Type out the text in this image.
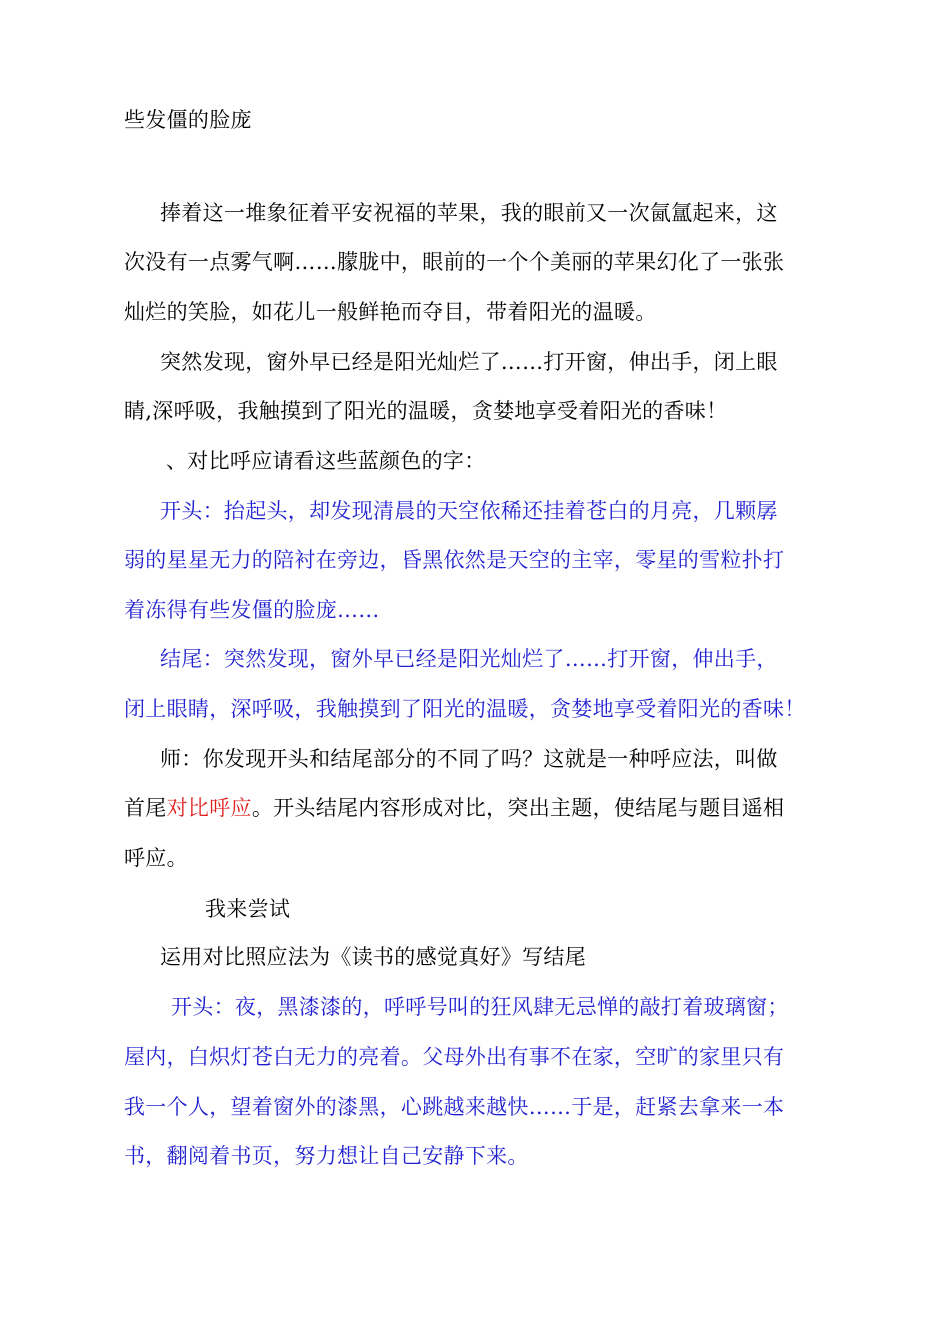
些发僵的脸庞
捧着这一堆象征着平安祝福的苹果，我的眼前又一次氤氲起来，这
次没有一点雾气啊……朦胧中，眼前的一个个美丽的苹果幻化了一张张
灿烂的笑脸，如花儿一般鲜艳而夺目，带着阳光的温暖。
突然发现，窗外早已经是阳光灿烂了……打开窗，伸出手，闭上眼
睛,深呼吸，我触摸到了阳光的温暖，贪婪地享受着阳光的香味！
、对比呼应请看这些蓝颜色的字：
开头：抬起头，却发现清晨的天空依稀还挂着苍白的月亮，几颗孱
弱的星星无力的陪衬在旁边，昏黑依然是天空的主宰，零星的雪粒扑打
着冻得有些发僵的脸庞……
结尾：突然发现，窗外早已经是阳光灿烂了……打开窗，伸出手，
闭上眼睛，深呼吸，我触摸到了阳光的温暖，贪婪地享受着阳光的香味！
师：你发现开头和结尾部分的不同了吗？这就是一种呼应法，叫做
首尾对比呼应。开头结尾内容形成对比，突出主题，使结尾与题目遥相
呼应。
我来尝试
运用对比照应法为《读书的感觉真好》写结尾
开头：夜，黑漆漆的，呼呼号叫的狂风肆无忌惮的敲打着玻璃窗；
屋内，白炽灯苍白无力的亮着。父母外出有事不在家，空旷的家里只有
我一个人，望着窗外的漆黑，心跳越来越快……于是，赶紧去拿来一本
书，翻阅着书页，努力想让自己安静下来。
